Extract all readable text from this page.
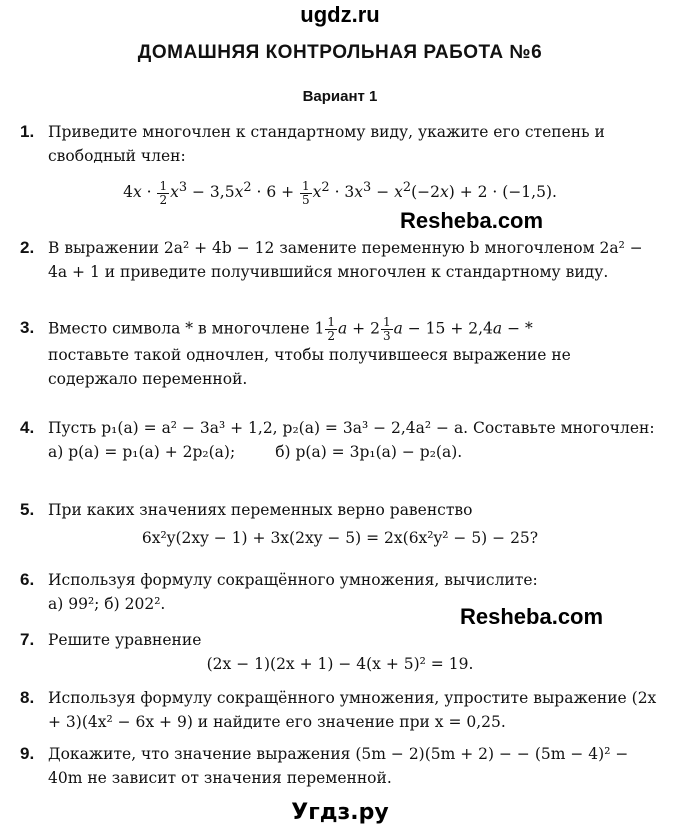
ugdz.ru
ДОМАШНЯЯ КОНТРОЛЬНАЯ РАБОТА №6
Вариант 1
1. Приведите многочлен к стандартному виду, укажите его степень и свободный член:
$4x \cdot \frac{1}{2} x^3 - 3,5x^2 \cdot 6 + \frac{1}{5} x^2 \cdot 3x^3 - x^2(-2x) + 2 \cdot (-1,5)$.
Resheba.com
2. В выражении 2a² + 4b − 12 замените переменную b многочленом 2a² − 4a + 1 и приведите получившийся многочлен к стандартному виду.
3. Вместо символа * в многочлене $1 \frac{1}{2}$ $a + 2 \frac{1}{3}$ a − 15 + 2,4a − *
поставьте такой одночлен, чтобы получившееся выражение не содержало переменной.
4. Пусть p₁(a) = a² − 3a³ + 1,2, p₂(a) = 3a³ − 2,4a² − a. Составьте многочлен:
а) p(a) = p₁(a) + 2p₂(a);	б) p(a) = 3p₁(a) − p₂(a).
5. При каких значениях переменных верно равенство
6x²y(2xy − 1) + 3x(2xy − 5) = 2x(6x²y² − 5) − 25?
6. Используя формулу сокращённого умножения, вычислите:
а) 99²; б) 202².	Resheba.com
7. Решите уравнение
(2x − 1)(2x + 1) − 4(x + 5)² = 19.
8. Используя формулу сокращённого умножения, упростите выражение (2x + 3)(4x² − 6x + 9) и найдите его значение при x = 0,25.
9. Докажите, что значение выражения (5m − 2)(5m + 2) − − (5m − 4)² − 40m не зависит от значения переменной.
Угдз.ру
